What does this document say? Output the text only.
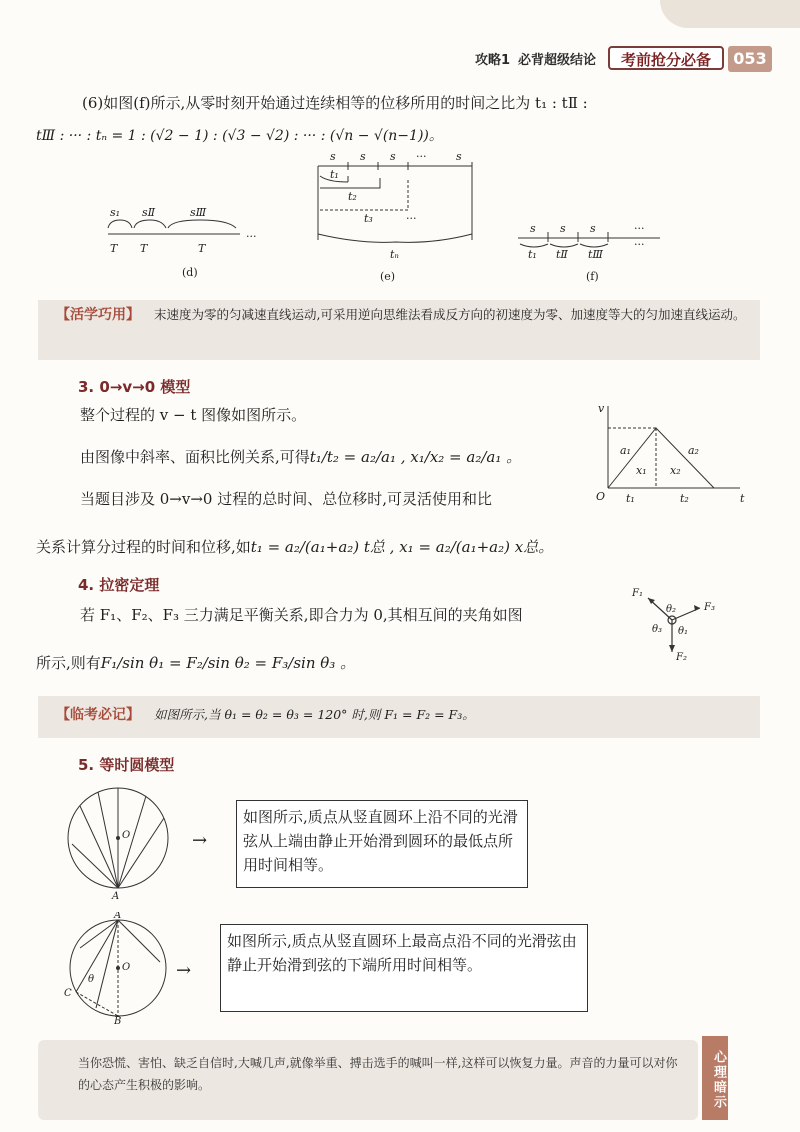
攻略1 必背超级结论	考前抢分必备	053
(6)如图(f)所示,从零时刻开始通过连续相等的位移所用的时间之比为 t₁ : tⅡ :
tⅢ : ··· : tₙ = 1 : (√2 − 1) : (√3 − √2) : ··· : (√n − √(n−1))。
s₁ sⅡ	sⅢ
T T	T
···
(d)
s s s ···	s
t₁
t₂
t₃	···
tₙ
(e)
s s s	···
t₁ tⅡ tⅢ
···
(f)
【活学巧用】 末速度为零的匀减速直线运动,可采用逆向思维法看成反方向的初速度为零、加速度等大的匀加速直线运动。
3. 0→v→0 模型
整个过程的 v − t 图像如图所示。
由图像中斜率、面积比例关系,可得t₁/t₂ = a₂/a₁ , x₁/x₂ = a₂/a₁ 。
当题目涉及 0→v→0 过程的总时间、总位移时,可灵活使用和比
关系计算分过程的时间和位移,如t₁ = a₂/(a₁+a₂) t总 , x₁ = a₂/(a₁+a₂) x总。
v
t
O
a₁	a₂
x₁ x₂
t₁	t₂
4. 拉密定理
若 F₁、F₂、F₃ 三力满足平衡关系,即合力为 0,其相互间的夹角如图
所示,则有F₁/sin θ₁ = F₂/sin θ₂ = F₃/sin θ₃ 。
F₁
F₃
F₂
θ₂
θ₃ θ₁
【临考必记】 如图所示,当 θ₁ = θ₂ = θ₃ = 120° 时,则 F₁ = F₂ = F₃。
5. 等时圆模型
O
A
→
如图所示,质点从竖直圆环上沿不同的光滑弦从上端由静止开始滑到圆环的最低点所用时间相等。
A
B
C
O
θ	→
如图所示,质点从竖直圆环上最高点沿不同的光滑弦由静止开始滑到弦的下端所用时间相等。
当你恐慌、害怕、缺乏自信时,大喊几声,就像举重、搏击选手的喊叫一样,这样可以恢复力量。声音的力量可以对你的心态产生积极的影响。	心理暗示
